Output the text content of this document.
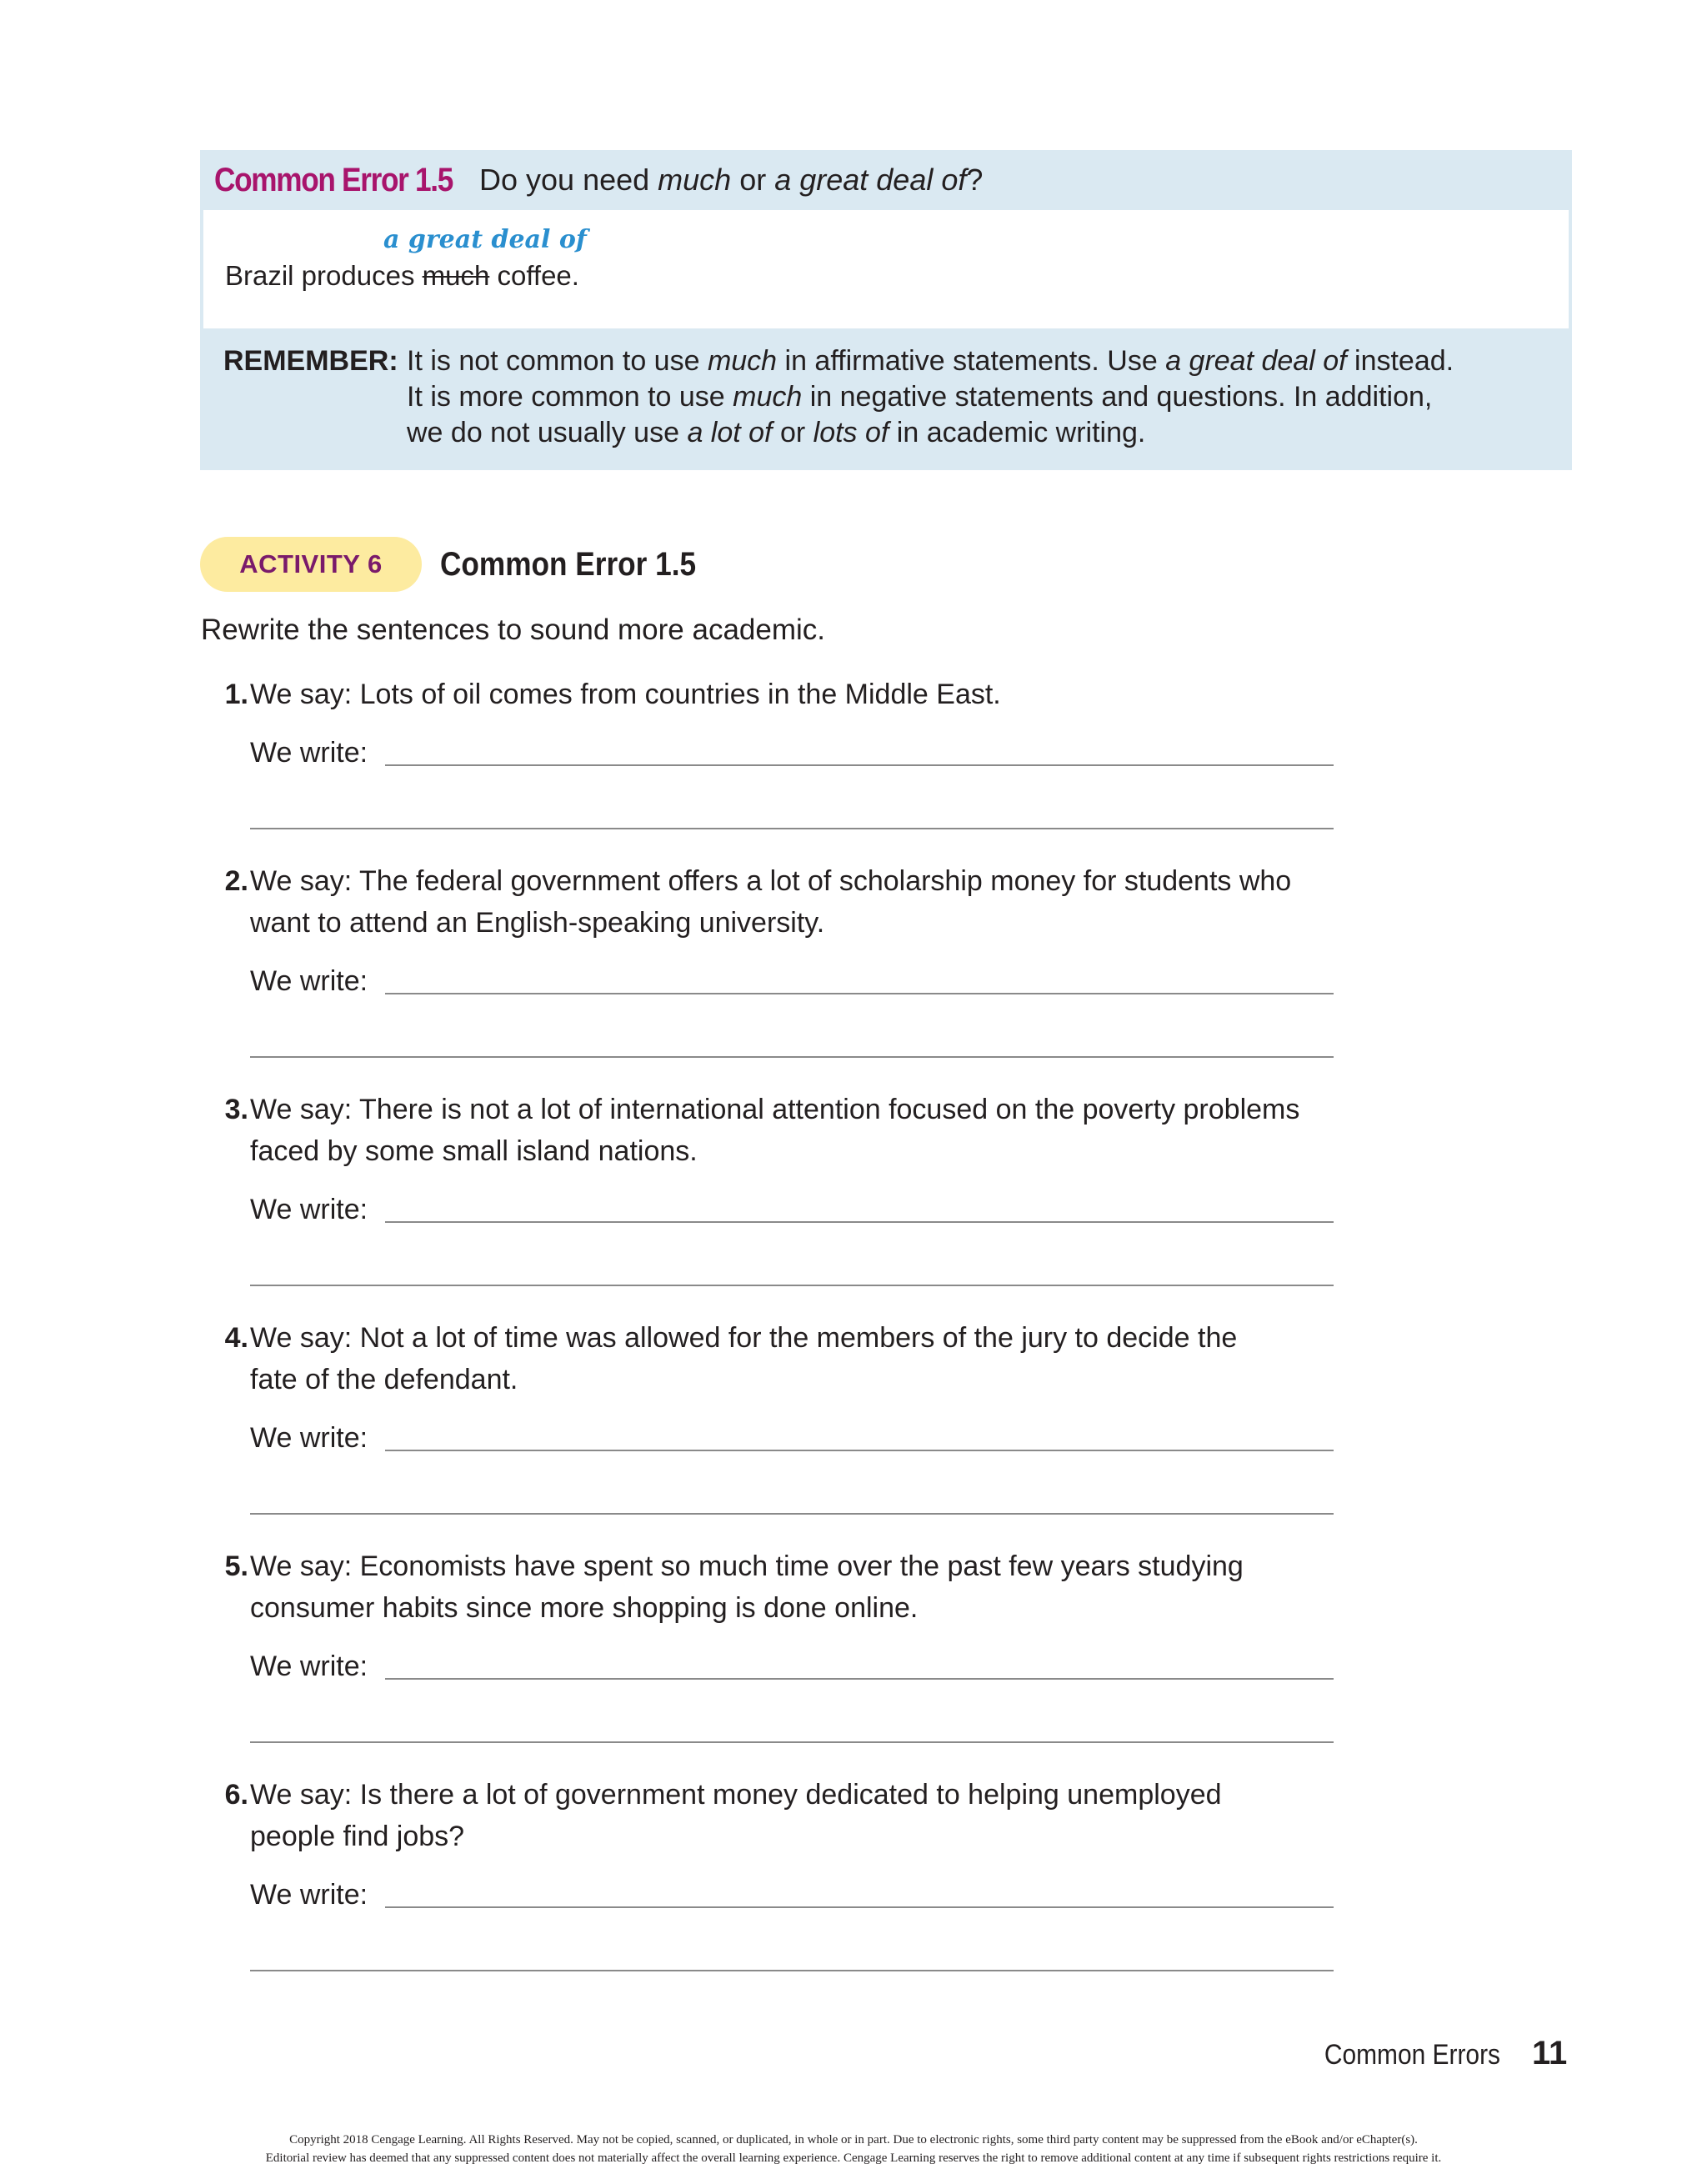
Common Error 1.5 Do you need much or a great deal of?
a great deal of
Brazil produces much coffee.
REMEMBER: It is not common to use much in affirmative statements. Use a great deal of instead.
It is more common to use much in negative statements and questions. In addition,
we do not usually use a lot of or lots of in academic writing.
ACTIVITY 6	Common Error 1.5
Rewrite the sentences to sound more academic.
1. We say: Lots of oil comes from countries in the Middle East.
We write:
2. We say: The federal government offers a lot of scholarship money for students who
want to attend an English-speaking university.
We write:
3. We say: There is not a lot of international attention focused on the poverty problems
faced by some small island nations.
We write:
4. We say: Not a lot of time was allowed for the members of the jury to decide the
fate of the defendant.
We write:
5. We say: Economists have spent so much time over the past few years studying
consumer habits since more shopping is done online.
We write:
6. We say: Is there a lot of government money dedicated to helping unemployed
people find jobs?
We write:
Common Errors 11
Copyright 2018 Cengage Learning. All Rights Reserved. May not be copied, scanned, or duplicated, in whole or in part. Due to electronic rights, some third party content may be suppressed from the eBook and/or eChapter(s).
Editorial review has deemed that any suppressed content does not materially affect the overall learning experience. Cengage Learning reserves the right to remove additional content at any time if subsequent rights restrictions require it.
